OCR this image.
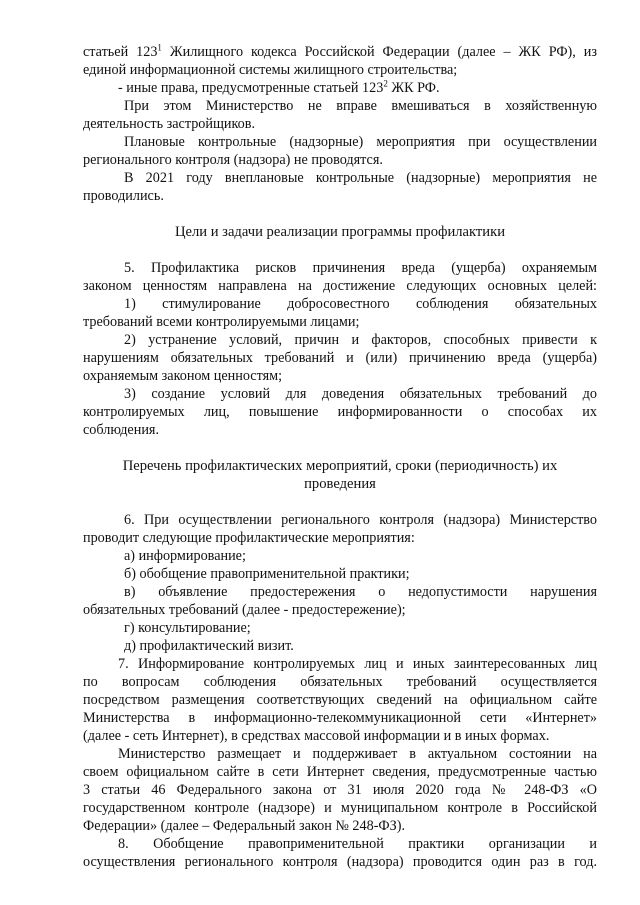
статьей $123^1$ Жилищного кодекса Российской Федерации (далее – ЖК РФ), из
единой информационной системы жилищного строительства;
- иные права, предусмотренные статьей $123^2$ ЖК РФ.
При этом Министерство не вправе вмешиваться в хозяйственную
деятельность застройщиков.
Плановые контрольные (надзорные) мероприятия при осуществлении
регионального контроля (надзора) не проводятся.
В 2021 году внеплановые контрольные (надзорные) мероприятия не
проводились.
Цели и задачи реализации программы профилактики
5. Профилактика рисков причинения вреда (ущерба) охраняемым
законом ценностям направлена на достижение следующих основных целей:
1) стимулирование добросовестного соблюдения обязательных
требований всеми контролируемыми лицами;
2) устранение условий, причин и факторов, способных привести к
нарушениям обязательных требований и (или) причинению вреда (ущерба)
охраняемым законом ценностям;
3) создание условий для доведения обязательных требований до
контролируемых лиц, повышение информированности о способах их
соблюдения.
Перечень профилактических мероприятий, сроки (периодичность) их
проведения
6. При осуществлении регионального контроля (надзора) Министерство
проводит следующие профилактические мероприятия:
а) информирование;
б) обобщение правоприменительной практики;
в) объявление предостережения о недопустимости нарушения
обязательных требований (далее - предостережение);
г) консультирование;
д) профилактический визит.
7. Информирование контролируемых лиц и иных заинтересованных лиц
по вопросам соблюдения обязательных требований осуществляется
посредством размещения соответствующих сведений на официальном сайте
Министерства в информационно-телекоммуникационной сети «Интернет»
(далее - сеть Интернет), в средствах массовой информации и в иных формах.
Министерство размещает и поддерживает в актуальном состоянии на
своем официальном сайте в сети Интернет сведения, предусмотренные частью
3 статьи 46 Федерального закона от 31 июля 2020 года № 248-ФЗ «О
государственном контроле (надзоре) и муниципальном контроле в Российской
Федерации» (далее – Федеральный закон № 248-ФЗ).
8. Обобщение правоприменительной практики организации и
осуществления регионального контроля (надзора) проводится один раз в год.
